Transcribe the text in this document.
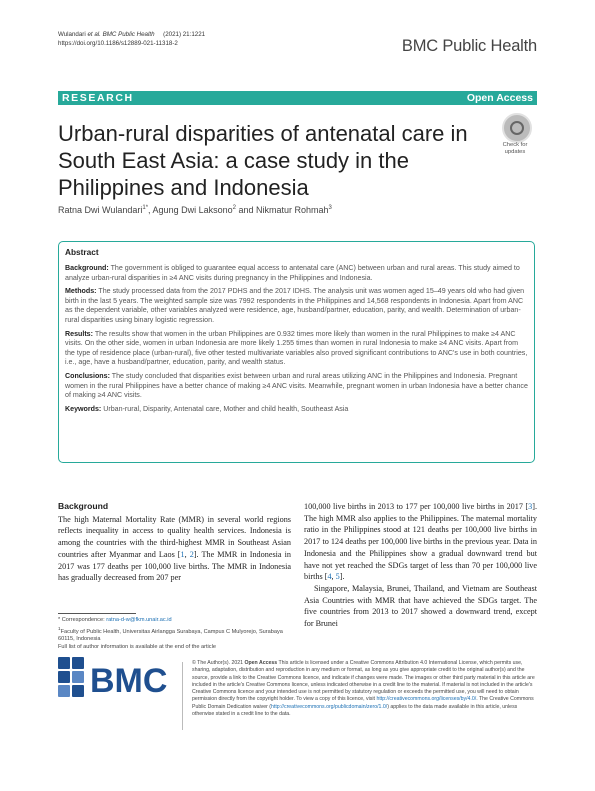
Wulandari et al. BMC Public Health (2021) 21:1221
https://doi.org/10.1186/s12889-021-11318-2	BMC Public Health
RESEARCH	Open Access
Urban-rural disparities of antenatal care in South East Asia: a case study in the Philippines and Indonesia
Check for
updates
Ratna Dwi Wulandari$^{1*}$, Agung Dwi Laksono$^2$ and Nikmatur Rohmah$^3$
Abstract

Background: The government is obliged to guarantee equal access to antenatal care (ANC) between urban and rural areas. This study aimed to analyze urban-rural disparities in ≥4 ANC visits during pregnancy in the Philippines and Indonesia.

Methods: The study processed data from the 2017 PDHS and the 2017 IDHS. The analysis unit was women aged 15–49 years old who had given birth in the last 5 years. The weighted sample size was 7992 respondents in the Philippines and 14,568 respondents in Indonesia. Apart from ANC as the dependent variable, other variables analyzed were residence, age, husband/partner, education, parity, and wealth. Determination of urban-rural disparities using binary logistic regression.

Results: The results show that women in the urban Philippines are 0.932 times more likely than women in the rural Philippines to make ≥4 ANC visits. On the other side, women in urban Indonesia are more likely 1.255 times than women in rural Indonesia to make ≥4 ANC visits. Apart from the type of residence place (urban-rural), five other tested multivariate variables also proved significant contributions to ANC's use in both countries, i.e., age, have a husband/partner, education, parity, and wealth status.

Conclusions: The study concluded that disparities exist between urban and rural areas utilizing ANC in the Philippines and Indonesia. Pregnant women in the rural Philippines have a better chance of making ≥4 ANC visits. Meanwhile, pregnant women in urban Indonesia have a better chance of making ≥4 ANC visits.

Keywords: Urban-rural, Disparity, Antenatal care, Mother and child health, Southeast Asia

Background

The high Maternal Mortality Rate (MMR) in several world regions reflects inequality in access to quality health services. Indonesia is among the countries with the third-highest MMR in Southeast Asian countries after Myanmar and Laos [1, 2]. The MMR in Indonesia in 2017 was 177 deaths per 100,000 live births. The MMR in Indonesia has gradually decreased from 207 per

100,000 live births in 2013 to 177 per 100,000 live births in 2017 [3]. The high MMR also applies to the Philippines. The maternal mortality ratio in the Philippines stood at 121 deaths per 100,000 live births in 2017 to 124 deaths per 100,000 live births in the previous year. Data in Indonesia and the Philippines show a gradual downward trend but have not yet reached the SDGs target of less than 70 per 100,000 live births [4, 5].

Singapore, Malaysia, Brunei, Thailand, and Vietnam are Southeast Asia Countries with MMR that have achieved the SDGs target. The five countries from 2013 to 2017 showed a downward trend, except for Brunei

* Correspondence: ratna-d-w@fkm.unair.ac.id
$^1$Faculty of Public Health, Universitas Airlangga Surabaya, Campus C Mulyorejo, Surabaya 60115, Indonesia
Full list of author information is available at the end of the article
BMC	© The Author(s). 2021 Open Access This article is licensed under a Creative Commons Attribution 4.0 International License, which permits use, sharing, adaptation, distribution and reproduction in any medium or format, as long as you give appropriate credit to the original author(s) and the source, provide a link to the Creative Commons licence, and indicate if changes were made. The images or other third party material in this article are included in the article's Creative Commons licence, unless indicated otherwise in a credit line to the material. If material is not included in the article's Creative Commons licence and your intended use is not permitted by statutory regulation or exceeds the permitted use, you will need to obtain permission directly from the copyright holder. To view a copy of this licence, visit http://creativecommons.org/licenses/by/4.0/. The Creative Commons Public Domain Dedication waiver (http://creativecommons.org/publicdomain/zero/1.0/) applies to the data made available in this article, unless otherwise stated in a credit line to the data.
